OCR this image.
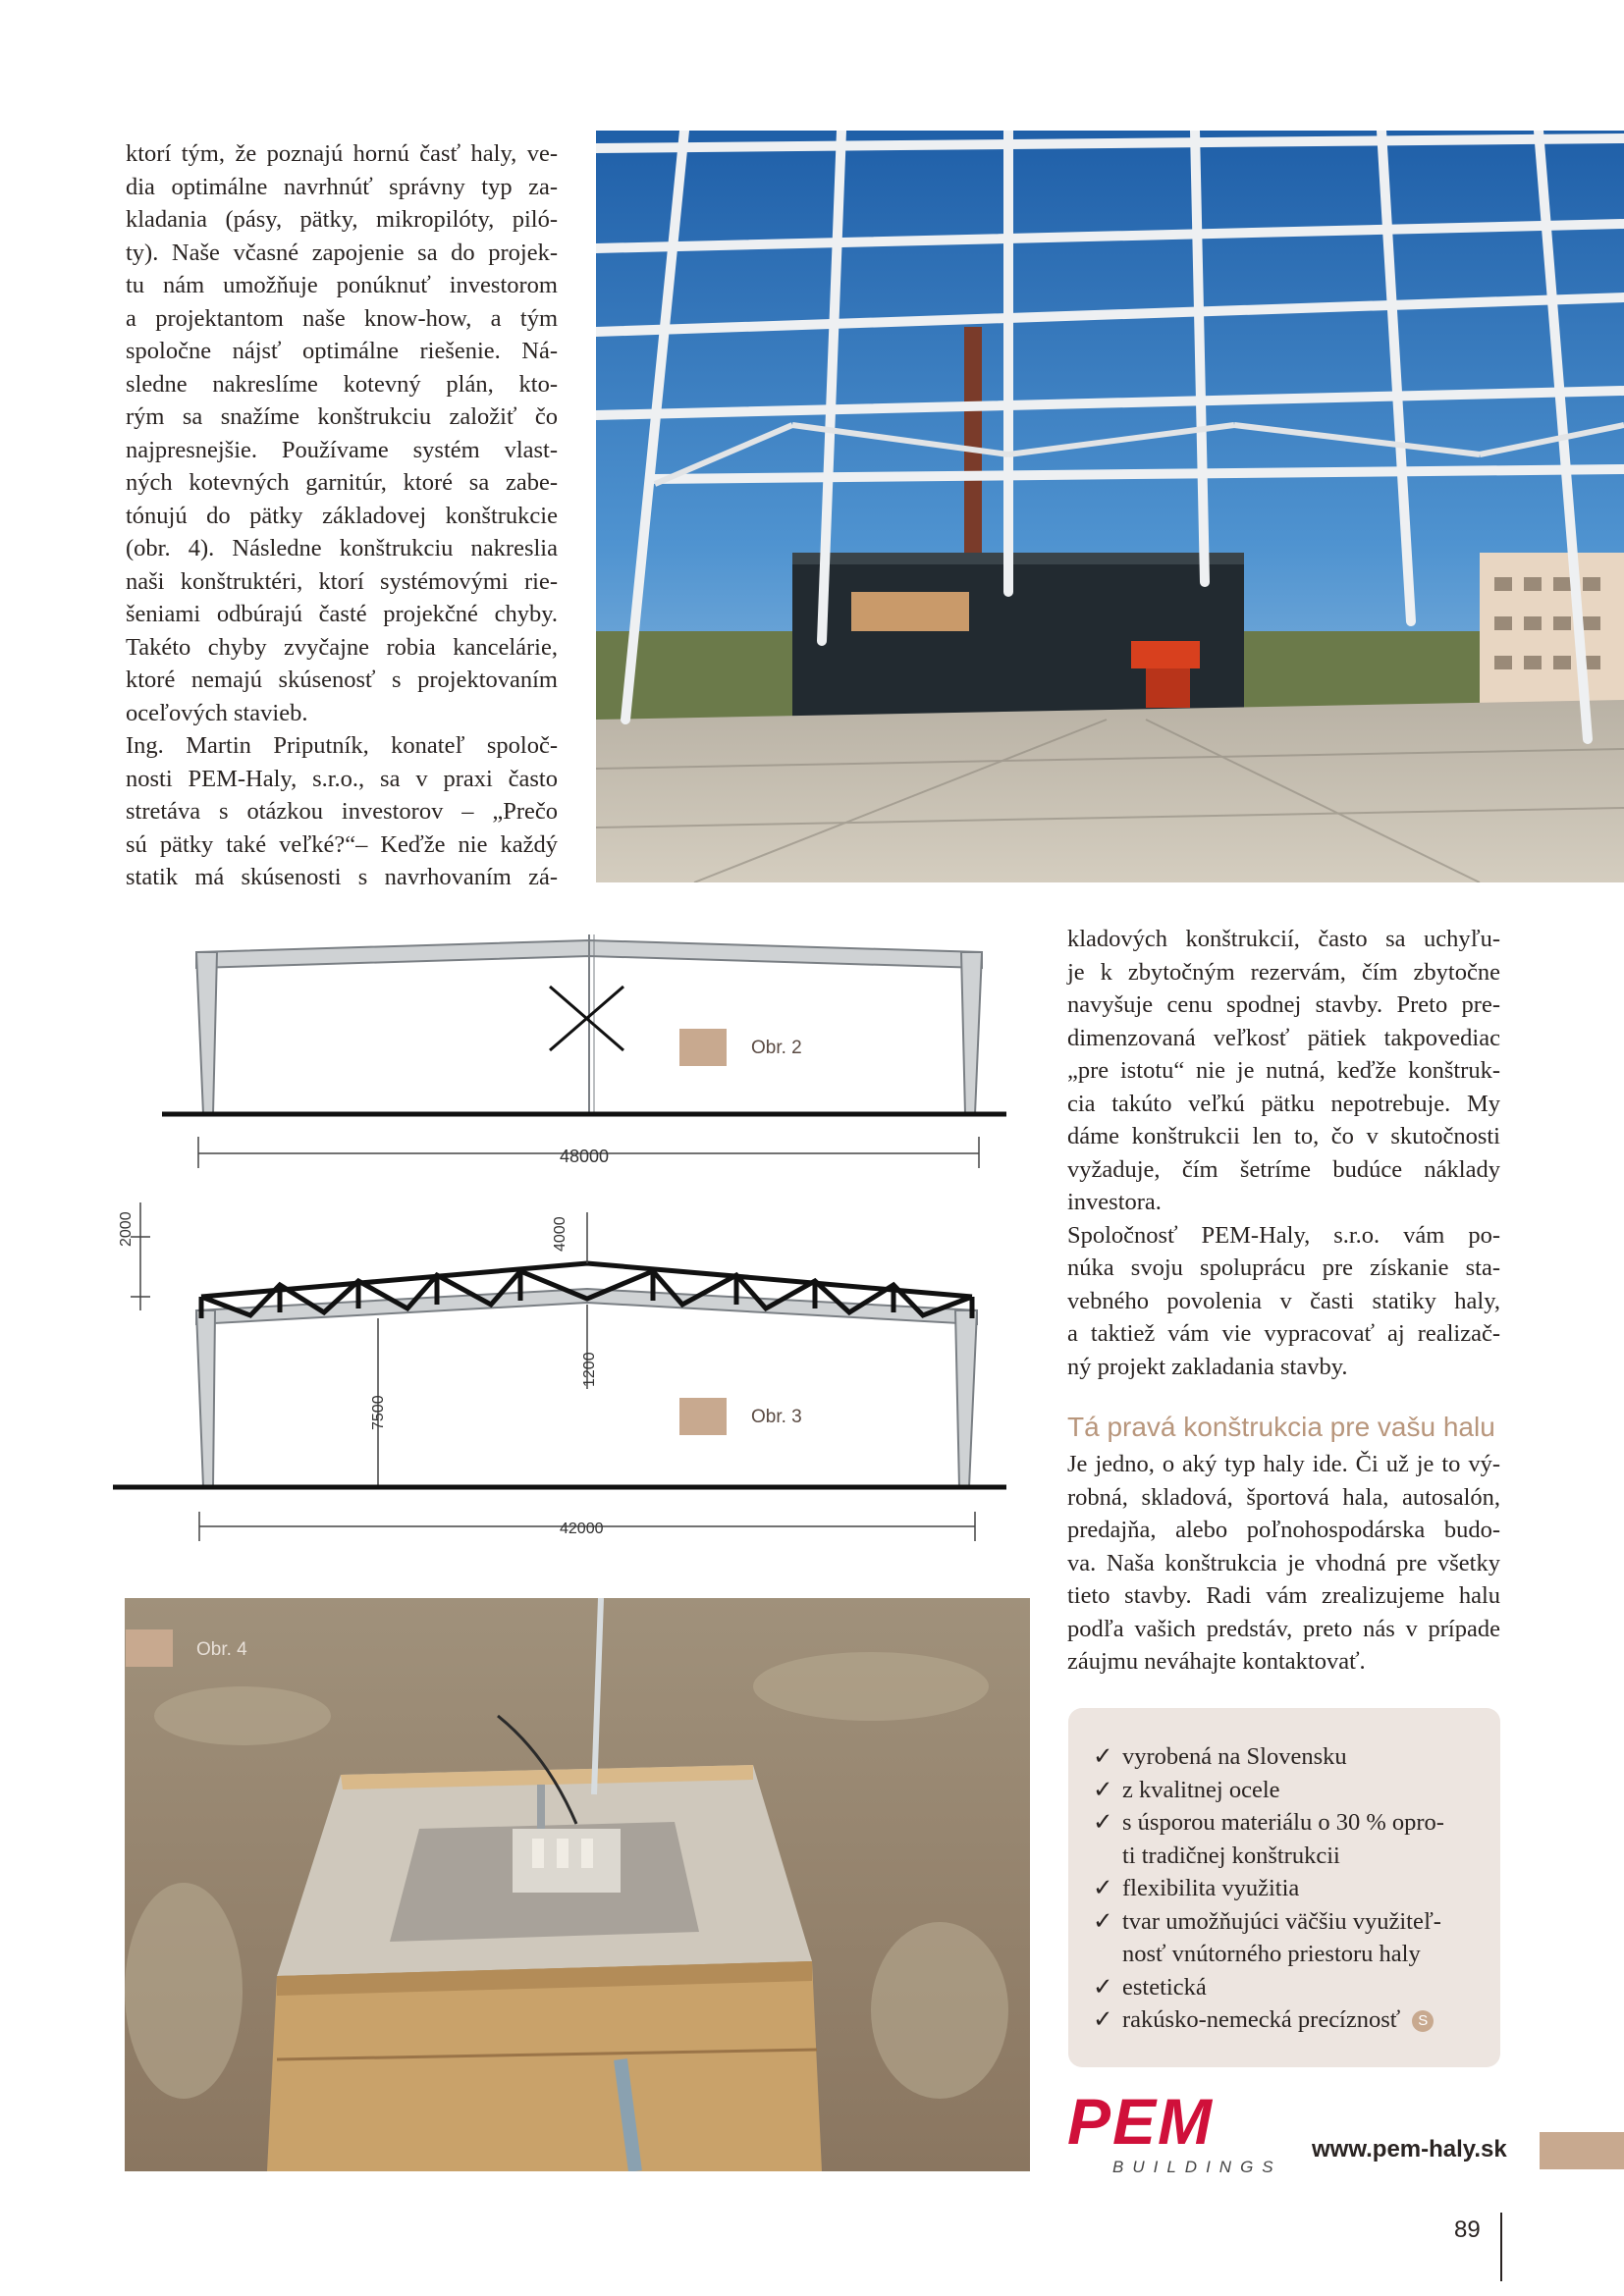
ktorí tým, že poznajú hornú časť haly, ve-
dia optimálne navrhnúť správny typ za-
kladania (pásy, pätky, mikropilóty, piló-
ty). Naše včasné zapojenie sa do projek-
tu nám umožňuje ponúknuť investorom
a projektantom naše know-how, a tým
spoločne nájsť optimálne riešenie. Ná-
sledne nakreslíme kotevný plán, kto-
rým sa snažíme konštrukciu založiť čo
najpresnejšie. Používame systém vlast-
ných kotevných garnitúr, ktoré sa zabe-
tónujú do pätky základovej konštrukcie
(obr. 4). Následne konštrukciu nakreslia
naši konštruktéri, ktorí systémovými rie-
šeniami odbúrajú časté projekčné chyby.
Takéto chyby zvyčajne robia kancelárie,
ktoré nemajú skúsenosť s projektovaním
oceľových stavieb.
Ing. Martin Priputník, konateľ spoloč-
nosti PEM-Haly, s.r.o., sa v praxi často
stretáva s otázkou investorov – „Prečo
sú pätky také veľké?“– Keďže nie každý
statik má skúsenosti s navrhovaním zá-
48000
Obr. 2
2000	4000
1200
7500
42000
Obr. 3
Obr. 4
kladových konštrukcií, často sa uchyľu-
je k zbytočným rezervám, čím zbytočne
navyšuje cenu spodnej stavby. Preto pre-
dimenzovaná veľkosť pätiek takpovediac
„pre istotu“ nie je nutná, keďže konštruk-
cia takúto veľkú pätku nepotrebuje. My
dáme konštrukcii len to, čo v skutočnosti
vyžaduje, čím šetríme budúce náklady
investora.
Spoločnosť PEM-Haly, s.r.o. vám po-
núka svoju spoluprácu pre získanie sta-
vebného povolenia v časti statiky haly,
a taktiež vám vie vypracovať aj realizač-
ný projekt zakladania stavby.
Tá pravá konštrukcia pre vašu halu
Je jedno, o aký typ haly ide. Či už je to vý-
robná, skladová, športová hala, autosalón,
predajňa, alebo poľnohospodárska budo-
va. Naša konštrukcia je vhodná pre všetky
tieto stavby. Radi vám zrealizujeme halu
podľa vašich predstáv, preto nás v prípade
záujmu neváhajte kontaktovať.
✓ vyrobená na Slovensku
✓ z kvalitnej ocele
✓ s úsporou materiálu o 30 % opro-
ti tradičnej konštrukcii
✓ flexibilita využitia
✓ tvar umožňujúci väčšiu využiteľ-
nosť vnútorného priestoru haly
✓ estetická
✓ rakúsko-nemecká precíznosť S
PEM
BUILDINGS
www.pem-haly.sk
89
